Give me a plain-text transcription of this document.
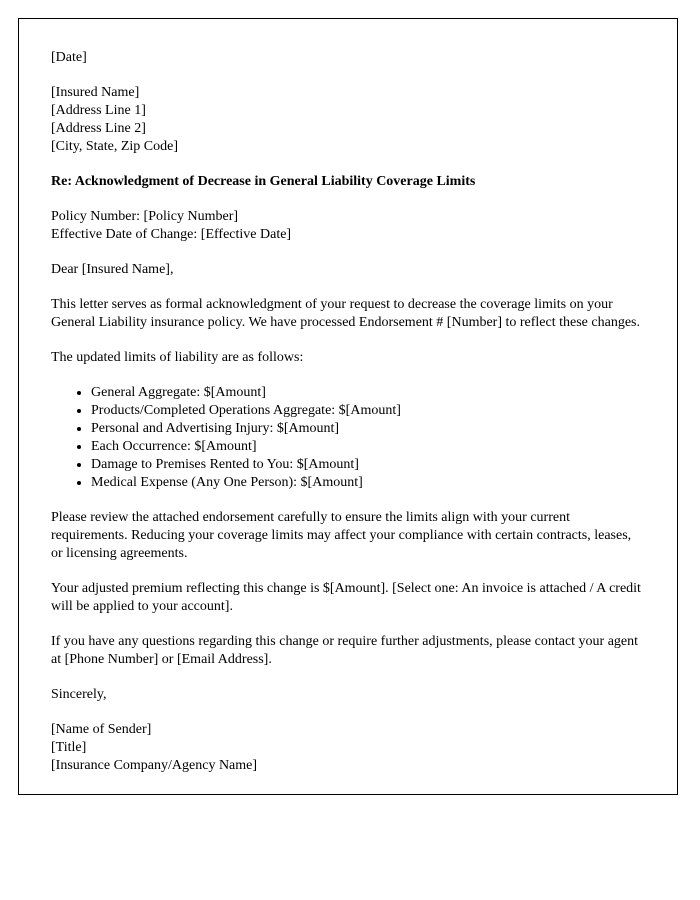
[Date]

[Insured Name]
[Address Line 1]
[Address Line 2]
[City, State, Zip Code]

Re: Acknowledgment of Decrease in General Liability Coverage Limits

Policy Number: [Policy Number]
Effective Date of Change: [Effective Date]

Dear [Insured Name],

This letter serves as formal acknowledgment of your request to decrease the coverage limits on your General Liability insurance policy. We have processed Endorsement # [Number] to reflect these changes.

The updated limits of liability are as follows:

• General Aggregate: $[Amount]
• Products/Completed Operations Aggregate: $[Amount]
• Personal and Advertising Injury: $[Amount]
• Each Occurrence: $[Amount]
• Damage to Premises Rented to You: $[Amount]
• Medical Expense (Any One Person): $[Amount]

Please review the attached endorsement carefully to ensure the limits align with your current requirements. Reducing your coverage limits may affect your compliance with certain contracts, leases, or licensing agreements.

Your adjusted premium reflecting this change is $[Amount]. [Select one: An invoice is attached / A credit will be applied to your account].

If you have any questions regarding this change or require further adjustments, please contact your agent at [Phone Number] or [Email Address].

Sincerely,

[Name of Sender]
[Title]
[Insurance Company/Agency Name]
